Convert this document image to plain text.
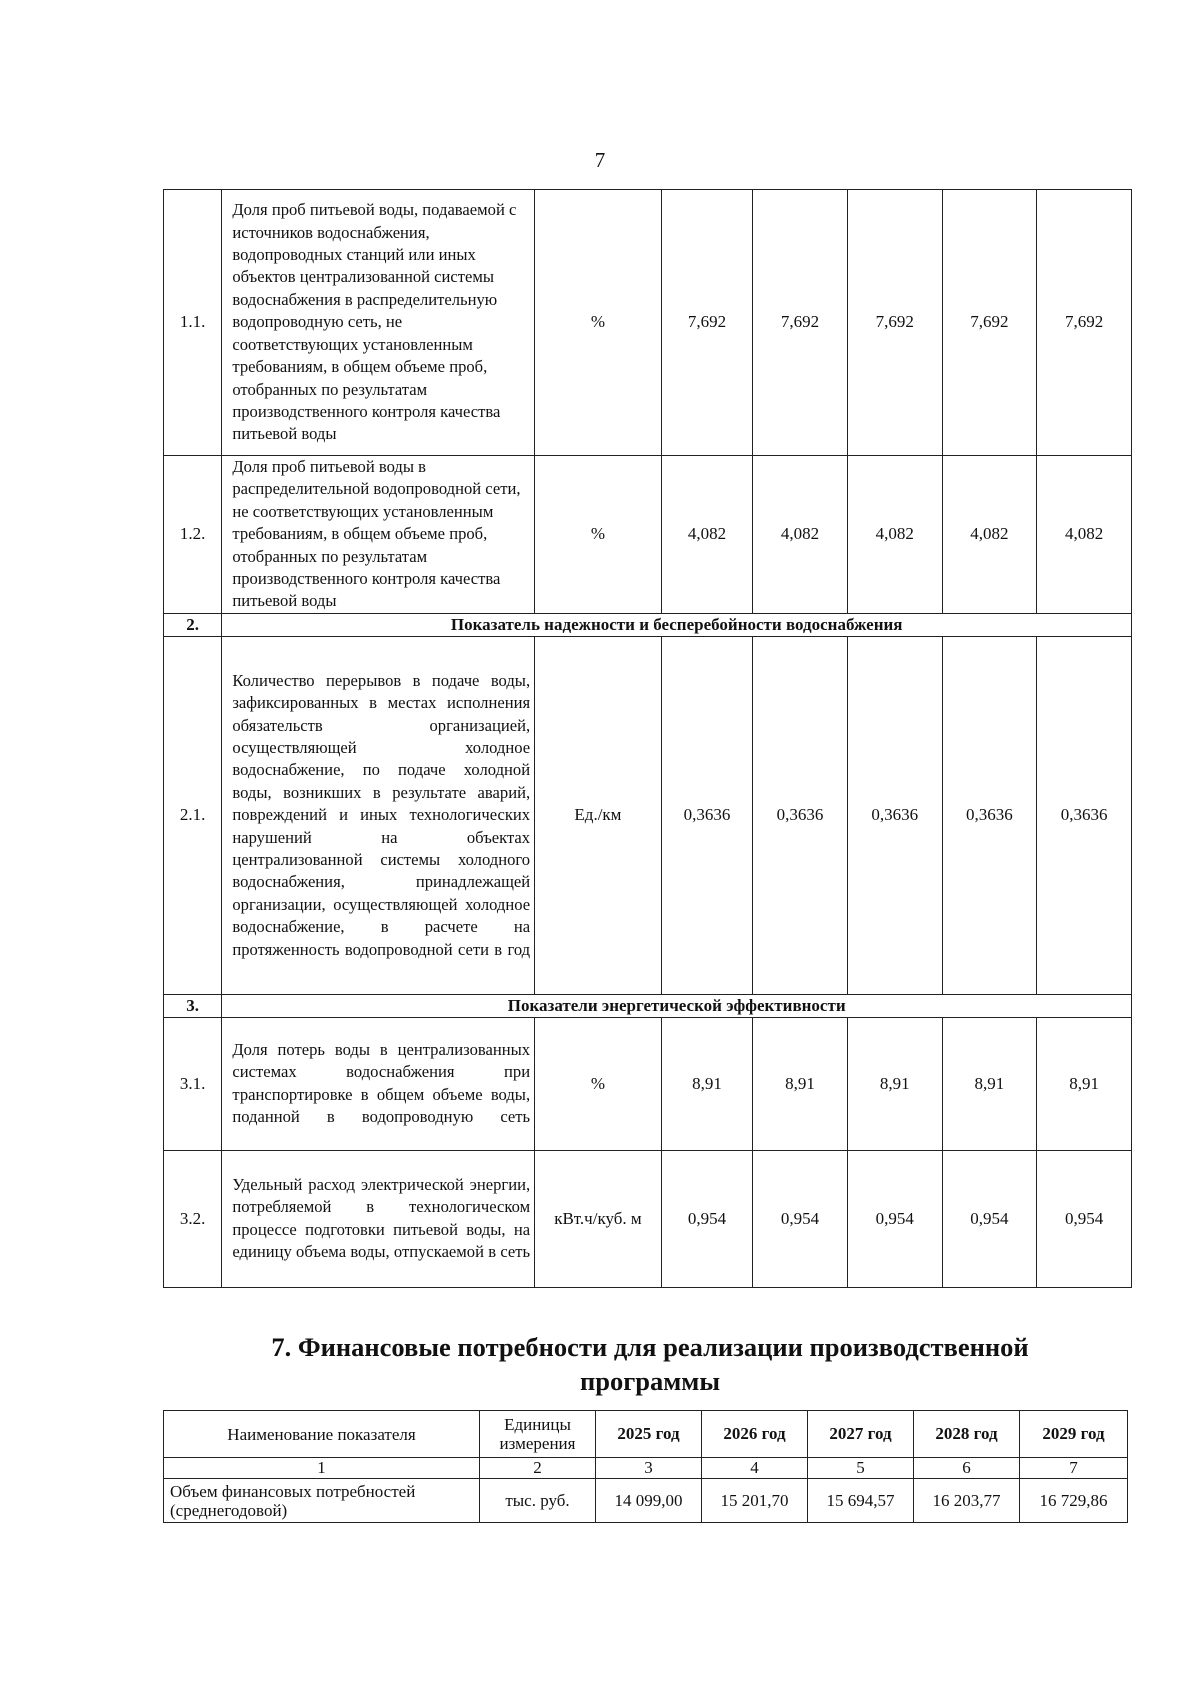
7
1.1.	Доля проб питьевой воды, подаваемой с источников водоснабжения, водопроводных станций или иных объектов централизованной системы водоснабжения в распределительную водопроводную сеть, не соответствующих установленным требованиям, в общем объеме проб, отобранных по результатам производственного контроля качества питьевой воды	%	7,692	7,692	7,692	7,692	7,692
1.2.	Доля проб питьевой воды в распределительной водопроводной сети, не соответствующих установленным требованиям, в общем объеме проб, отобранных по результатам производственного контроля качества питьевой воды	%	4,082	4,082	4,082	4,082	4,082
2.	Показатель надежности и бесперебойности водоснабжения						
2.1.	Количество перерывов в подаче воды, зафиксированных в местах исполнения обязательств организацией, осуществляющей холодное водоснабжение, по подаче холодной воды, возникших в результате аварий, повреждений и иных технологических нарушений на объектах централизованной системы холодного водоснабжения, принадлежащей организации, осуществляющей холодное водоснабжение, в расчете на протяженность водопроводной сети в год	Ед./км	0,3636	0,3636	0,3636	0,3636	0,3636
3.	Показатели энергетической эффективности						
3.1.	Доля потерь воды в централизованных системах водоснабжения при транспортировке в общем объеме воды, поданной в водопроводную сеть	%	8,91	8,91	8,91	8,91	8,91
3.2.	Удельный расход электрической энергии, потребляемой в технологическом процессе подготовки питьевой воды, на единицу объема воды, отпускаемой в сеть	кВт.ч/куб. м	0,954	0,954	0,954	0,954	0,954
7. Финансовые потребности для реализации производственной программы
Наименование показателя	Единицы измерения	2025 год	2026 год	2027 год	2028 год	2029 год
1	2	3	4	5	6	7
Объем финансовых потребностей (среднегодовой)	тыс. руб.	14 099,00	15 201,70	15 694,57	16 203,77	16 729,86
